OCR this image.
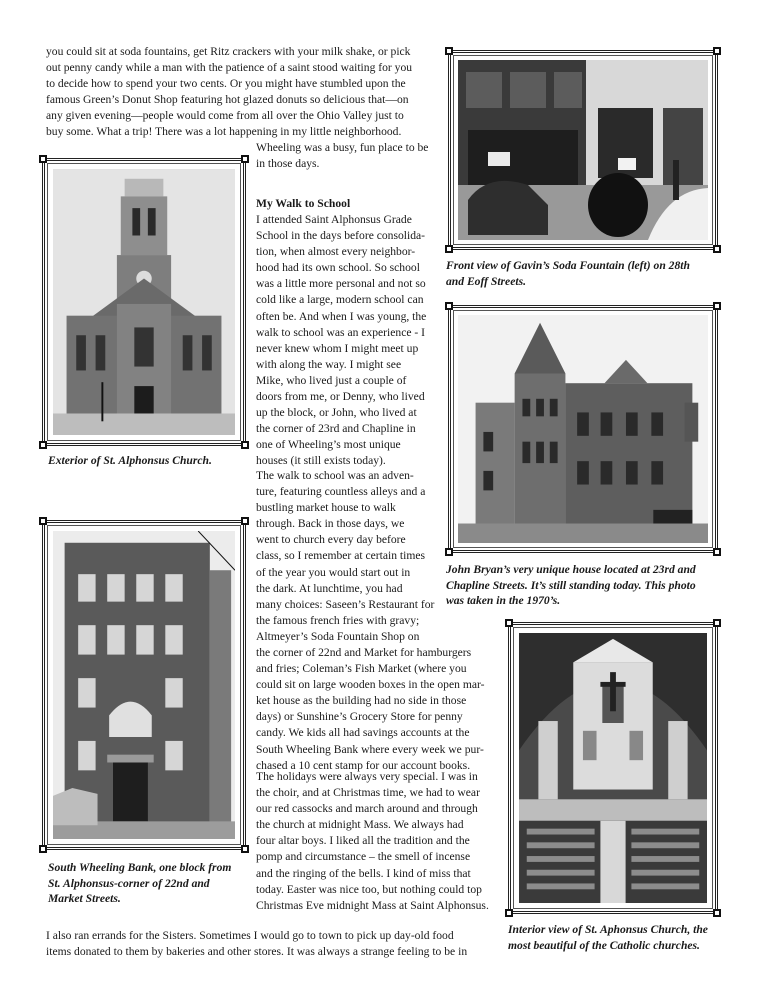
you could sit at soda fountains, get Ritz crackers with your milk shake, or pick
out penny candy while a man with the patience of a saint stood waiting for you
to decide how to spend your two cents. Or you might have stumbled upon the
famous Green’s Donut Shop featuring hot glazed donuts so delicious that—on
any given evening—people would come from all over the Ohio Valley just to
buy some. What a trip! There was a lot happening in my little neighborhood.
Wheeling was a busy, fun place to be
in those days.
My Walk to School
I attended Saint Alphonsus Grade
School in the days before consolida-
tion, when almost every neighbor-
hood had its own school. So school
was a little more personal and not so
cold like a large, modern school can
often be. And when I was young, the
walk to school was an experience - I
never knew whom I might meet up
with along the way. I might see
Mike, who lived just a couple of
doors from me, or Denny, who lived
up the block, or John, who lived at
the corner of 23rd and Chapline in
one of Wheeling’s most unique
houses (it still exists today).
The walk to school was an adven-
ture, featuring countless alleys and a
bustling market house to walk
through. Back in those days, we
went to church every day before
class, so I remember at certain times
of the year you would start out in
the dark. At lunchtime, you had
many choices: Saseen’s Restaurant for
the famous french fries with gravy;
Altmeyer’s Soda Fountain Shop on
the corner of 22nd and Market for hamburgers
and fries; Coleman’s Fish Market (where you
could sit on large wooden boxes in the open mar-
ket house as the building had no side in those
days) or Sunshine’s Grocery Store for penny
candy. We kids all had savings accounts at the
South Wheeling Bank where every week we pur-
chased a 10 cent stamp for our account books.
The holidays were always very special. I was in
the choir, and at Christmas time, we had to wear
our red cassocks and march around and through
the church at midnight Mass. We always had
four altar boys. I liked all the tradition and the
pomp and circumstance – the smell of incense
and the ringing of the bells. I kind of miss that
today. Easter was nice too, but nothing could top
Christmas Eve midnight Mass at Saint Alphonsus.
I also ran errands for the Sisters. Sometimes I would go to town to pick up day-old food
items donated to them by bakeries and other stores. It was always a strange feeling to be in
Front view of Gavin’s Soda Fountain (left) on 28th
and Eoff Streets.
Exterior of St. Alphonsus Church.
John Bryan’s very unique house located at 23rd and
Chapline Streets. It’s still standing today. This photo
was taken in the 1970’s.
South Wheeling Bank, one block from
St. Alphonsus-corner of 22nd and
Market Streets.
Interior view of St. Aphonsus Church, the
most beautiful of the Catholic churches.
